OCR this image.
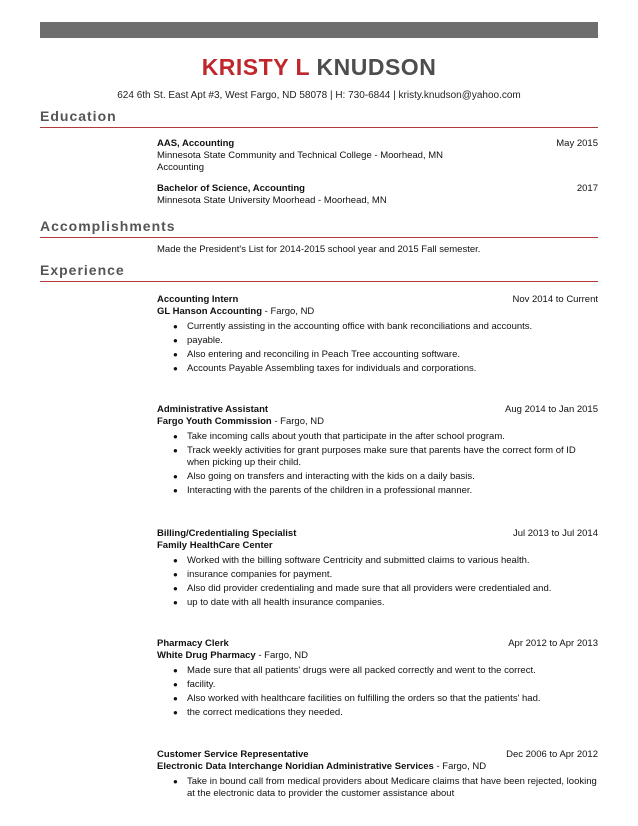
KRISTY L KNUDSON
624 6th St. East Apt #3, West Fargo, ND 58078 | H: 730-6844 | kristy.knudson@yahoo.com
Education
AAS, Accounting	May 2015
Minnesota State Community and Technical College - Moorhead, MN
Accounting
Bachelor of Science, Accounting	2017
Minnesota State University Moorhead - Moorhead, MN
Accomplishments
Made the President's List for 2014-2015 school year and 2015 Fall semester.
Experience
Accounting Intern	Nov 2014 to Current
GL Hanson Accounting - Fargo, ND
● Currently assisting in the accounting office with bank reconciliations and accounts.
● payable.
● Also entering and reconciling in Peach Tree accounting software.
● Accounts Payable Assembling taxes for individuals and corporations.
Administrative Assistant	Aug 2014 to Jan 2015
Fargo Youth Commission - Fargo, ND
● Take incoming calls about youth that participate in the after school program.
● Track weekly activities for grant purposes make sure that parents have the correct form of ID when picking up their child.
● Also going on transfers and interacting with the kids on a daily basis.
● Interacting with the parents of the children in a professional manner.
Billing/Credentialing Specialist	Jul 2013 to Jul 2014
Family HealthCare Center
● Worked with the billing software Centricity and submitted claims to various health.
● insurance companies for payment.
● Also did provider credentialing and made sure that all providers were credentialed and.
● up to date with all health insurance companies.
Pharmacy Clerk	Apr 2012 to Apr 2013
White Drug Pharmacy - Fargo, ND
● Made sure that all patients' drugs were all packed correctly and went to the correct.
● facility.
● Also worked with healthcare facilities on fulfilling the orders so that the patients' had.
● the correct medications they needed.
Customer Service Representative	Dec 2006 to Apr 2012
Electronic Data Interchange Noridian Administrative Services - Fargo, ND
● Take in bound call from medical providers about Medicare claims that have been rejected, looking at the electronic data to provider the customer assistance about
